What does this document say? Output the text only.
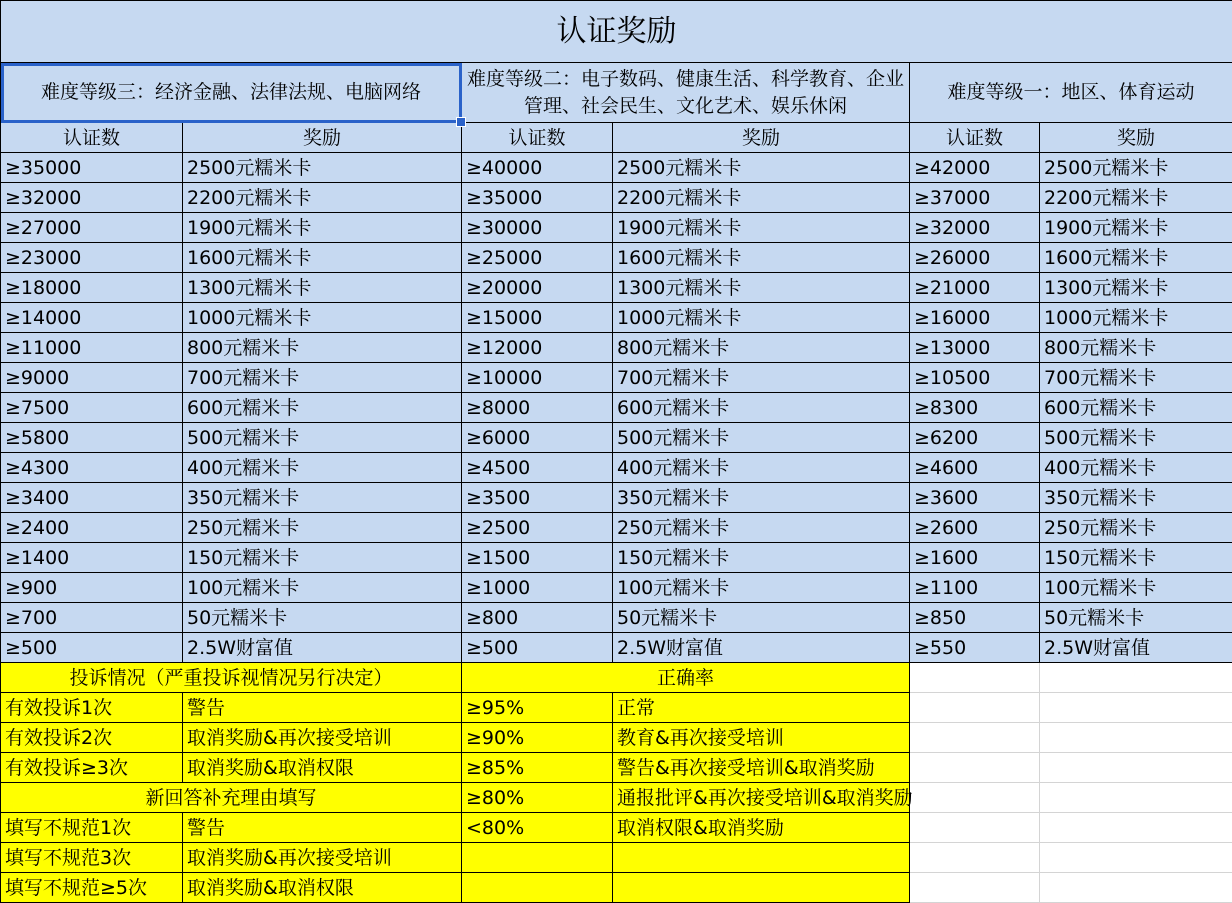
认证奖励					
难度等级三：经济金融、法律法规、电脑网络		难度等级二：电子数码、健康生活、科学教育、企业管理、社会民生、文化艺术、娱乐休闲		难度等级一：地区、体育运动	
认证数	奖励	认证数	奖励	认证数	奖励
≥35000	2500元糯米卡	≥40000	2500元糯米卡	≥42000	2500元糯米卡
≥32000	2200元糯米卡	≥35000	2200元糯米卡	≥37000	2200元糯米卡
≥27000	1900元糯米卡	≥30000	1900元糯米卡	≥32000	1900元糯米卡
≥23000	1600元糯米卡	≥25000	1600元糯米卡	≥26000	1600元糯米卡
≥18000	1300元糯米卡	≥20000	1300元糯米卡	≥21000	1300元糯米卡
≥14000	1000元糯米卡	≥15000	1000元糯米卡	≥16000	1000元糯米卡
≥11000	800元糯米卡	≥12000	800元糯米卡	≥13000	800元糯米卡
≥9000	700元糯米卡	≥10000	700元糯米卡	≥10500	700元糯米卡
≥7500	600元糯米卡	≥8000	600元糯米卡	≥8300	600元糯米卡
≥5800	500元糯米卡	≥6000	500元糯米卡	≥6200	500元糯米卡
≥4300	400元糯米卡	≥4500	400元糯米卡	≥4600	400元糯米卡
≥3400	350元糯米卡	≥3500	350元糯米卡	≥3600	350元糯米卡
≥2400	250元糯米卡	≥2500	250元糯米卡	≥2600	250元糯米卡
≥1400	150元糯米卡	≥1500	150元糯米卡	≥1600	150元糯米卡
≥900	100元糯米卡	≥1000	100元糯米卡	≥1100	100元糯米卡
≥700	50元糯米卡	≥800	50元糯米卡	≥850	50元糯米卡
≥500	2.5W财富值	≥500	2.5W财富值	≥550	2.5W财富值
投诉情况（严重投诉视情况另行决定）		正确率			
有效投诉1次	警告	≥95%	正常		
有效投诉2次	取消奖励&再次接受培训	≥90%	教育&再次接受培训		
有效投诉≥3次	取消奖励&取消权限	≥85%	警告&再次接受培训&取消奖励		
新回答补充理由填写		≥80%	通报批评&再次接受培训&取消奖励		
填写不规范1次	警告	<80%	取消权限&取消奖励		
填写不规范3次	取消奖励&再次接受培训				
填写不规范≥5次	取消奖励&取消权限				
